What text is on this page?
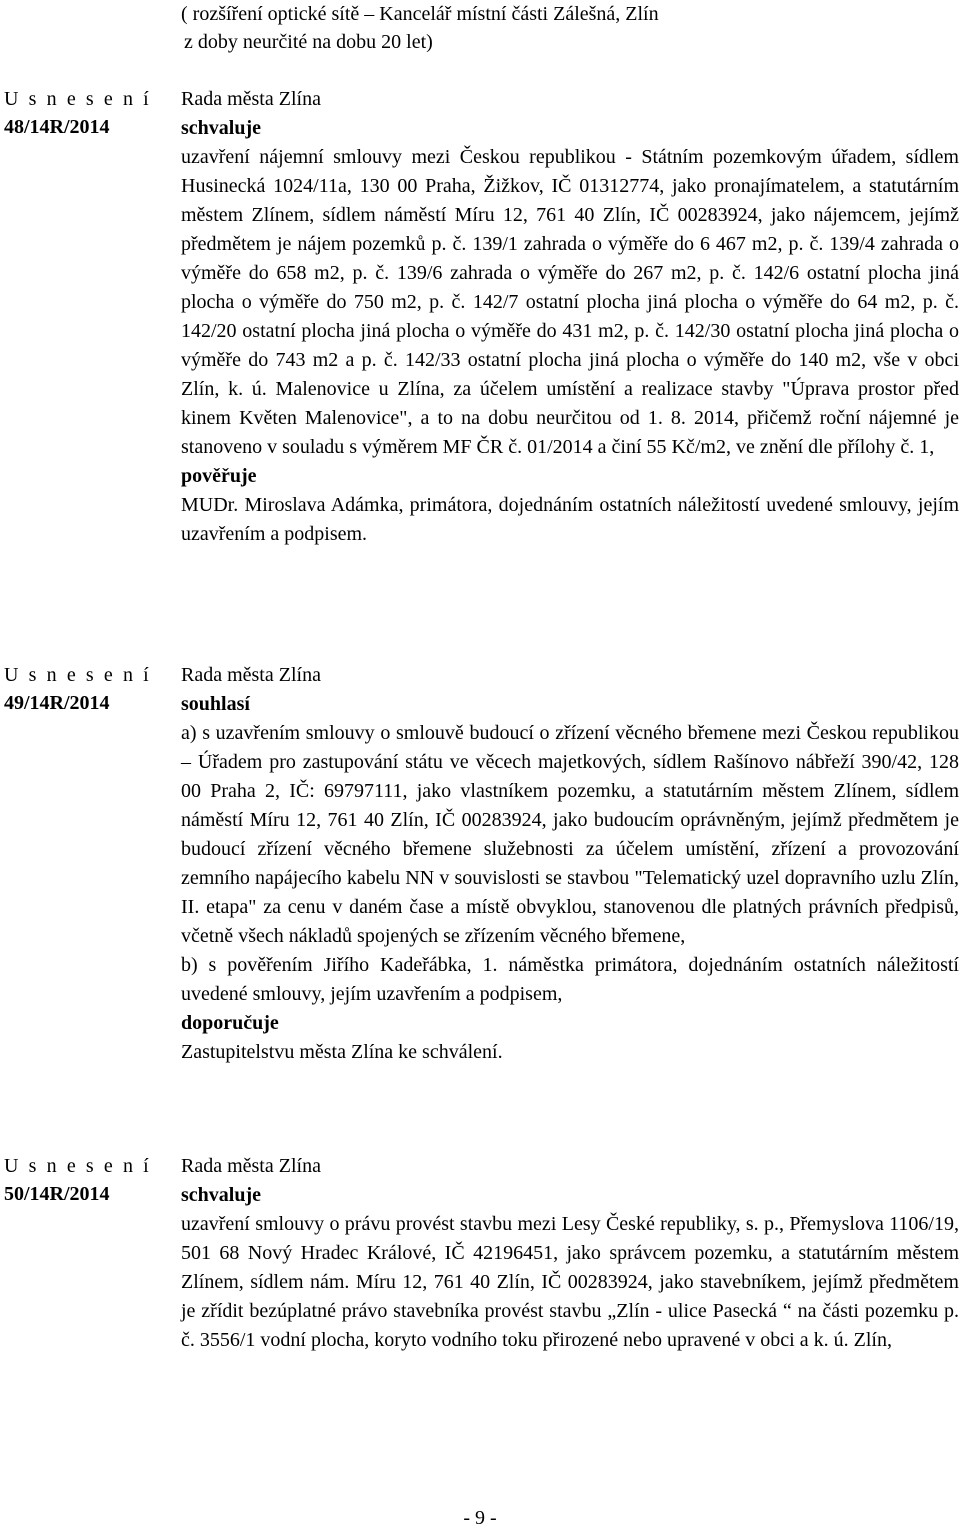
( rozšíření optické sítě – Kancelář místní části Zálešná, Zlín
z doby neurčité na dobu 20 let)
U s n e s e n í
48/14R/2014

Rada města Zlína

schvaluje

uzavření nájemní smlouvy mezi Českou republikou - Státním pozemkovým úřadem, sídlem Husinecká 1024/11a, 130 00 Praha, Žižkov, IČ 01312774, jako pronajímatelem, a statutárním městem Zlínem, sídlem náměstí Míru 12, 761 40 Zlín, IČ 00283924, jako nájemcem, jejímž předmětem je nájem pozemků p. č. 139/1 zahrada o výměře do 6 467 m2, p. č. 139/4 zahrada o výměře do 658 m2, p. č. 139/6 zahrada o výměře do 267 m2, p. č. 142/6 ostatní plocha jiná plocha o výměře do 750 m2, p. č. 142/7 ostatní plocha jiná plocha o výměře do 64 m2, p. č. 142/20 ostatní plocha jiná plocha o výměře do 431 m2, p. č. 142/30 ostatní plocha jiná plocha o výměře do 743 m2 a p. č. 142/33 ostatní plocha jiná plocha o výměře do 140 m2, vše v obci Zlín, k. ú. Malenovice u Zlína, za účelem umístění a realizace stavby "Úprava prostor před kinem Květen Malenovice", a to na dobu neurčitou od 1. 8. 2014, přičemž roční nájemné je stanoveno v souladu s výměrem MF ČR č. 01/2014 a činí 55 Kč/m2, ve znění dle přílohy č. 1,

pověřuje

MUDr. Miroslava Adámka, primátora, dojednáním ostatních náležitostí uvedené smlouvy, jejím uzavřením a podpisem.

U s n e s e n í
49/14R/2014

Rada města Zlína

souhlasí

a) s uzavřením smlouvy o smlouvě budoucí o zřízení věcného břemene mezi Českou republikou – Úřadem pro zastupování státu ve věcech majetkových, sídlem Rašínovo nábřeží 390/42, 128 00 Praha 2, IČ: 69797111, jako vlastníkem pozemku, a statutárním městem Zlínem, sídlem náměstí Míru 12, 761 40 Zlín, IČ 00283924, jako budoucím oprávněným, jejímž předmětem je budoucí zřízení věcného břemene služebnosti za účelem umístění, zřízení a provozování zemního napájecího kabelu NN v souvislosti se stavbou "Telematický uzel dopravního uzlu Zlín, II. etapa" za cenu v daném čase a místě obvyklou, stanovenou dle platných právních předpisů, včetně všech nákladů spojených se zřízením věcného břemene,

b) s pověřením Jiřího Kadeřábka, 1. náměstka primátora, dojednáním ostatních náležitostí uvedené smlouvy, jejím uzavřením a podpisem,

doporučuje

Zastupitelstvu města Zlína ke schválení.

U s n e s e n í
50/14R/2014

Rada města Zlína

schvaluje

uzavření smlouvy o právu provést stavbu mezi Lesy České republiky, s. p., Přemyslova 1106/19, 501 68 Nový Hradec Králové, IČ 42196451, jako správcem pozemku, a statutárním městem Zlínem, sídlem nám. Míru 12, 761 40 Zlín, IČ 00283924, jako stavebníkem, jejímž předmětem je zřídit bezúplatné právo stavebníka provést stavbu „Zlín - ulice Pasecká “ na části pozemku p. č. 3556/1 vodní plocha, koryto vodního toku přirozené nebo upravené v obci a k. ú. Zlín,

- 9 -
